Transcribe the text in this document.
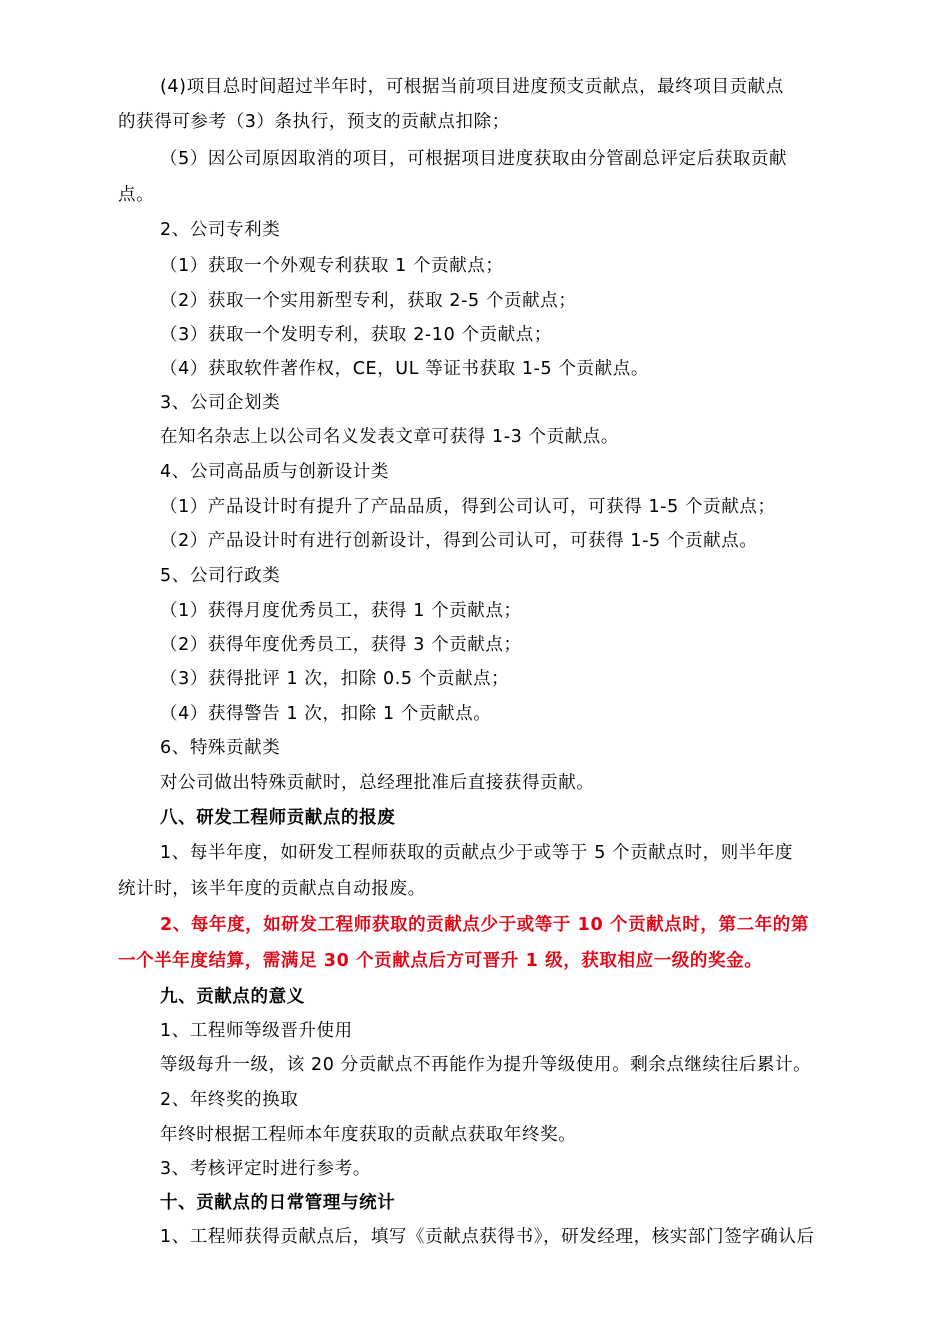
(4)项目总时间超过半年时，可根据当前项目进度预支贡献点，最终项目贡献点
的获得可参考（3）条执行，预支的贡献点扣除；
（5）因公司原因取消的项目，可根据项目进度获取由分管副总评定后获取贡献
点。
2、公司专利类
（1）获取一个外观专利获取 1 个贡献点；
（2）获取一个实用新型专利，获取 2-5 个贡献点；
（3）获取一个发明专利，获取 2-10 个贡献点；
（4）获取软件著作权，CE，UL 等证书获取 1-5 个贡献点。
3、公司企划类
在知名杂志上以公司名义发表文章可获得 1-3 个贡献点。
4、公司高品质与创新设计类
（1）产品设计时有提升了产品品质，得到公司认可，可获得 1-5 个贡献点；
（2）产品设计时有进行创新设计，得到公司认可，可获得 1-5 个贡献点。
5、公司行政类
（1）获得月度优秀员工，获得 1 个贡献点；
（2）获得年度优秀员工，获得 3 个贡献点；
（3）获得批评 1 次，扣除 0.5 个贡献点；
（4）获得警告 1 次，扣除 1 个贡献点。
6、特殊贡献类
对公司做出特殊贡献时，总经理批准后直接获得贡献。
八、研发工程师贡献点的报废
1、每半年度，如研发工程师获取的贡献点少于或等于 5 个贡献点时，则半年度
统计时，该半年度的贡献点自动报废。
2、每年度，如研发工程师获取的贡献点少于或等于 10 个贡献点时，第二年的第
一个半年度结算，需满足 30 个贡献点后方可晋升 1 级，获取相应一级的奖金。
九、贡献点的意义
1、工程师等级晋升使用
等级每升一级，该 20 分贡献点不再能作为提升等级使用。剩余点继续往后累计。
2、年终奖的换取
年终时根据工程师本年度获取的贡献点获取年终奖。
3、考核评定时进行参考。
十、贡献点的日常管理与统计
1、工程师获得贡献点后，填写《贡献点获得书》，研发经理，核实部门签字确认后
